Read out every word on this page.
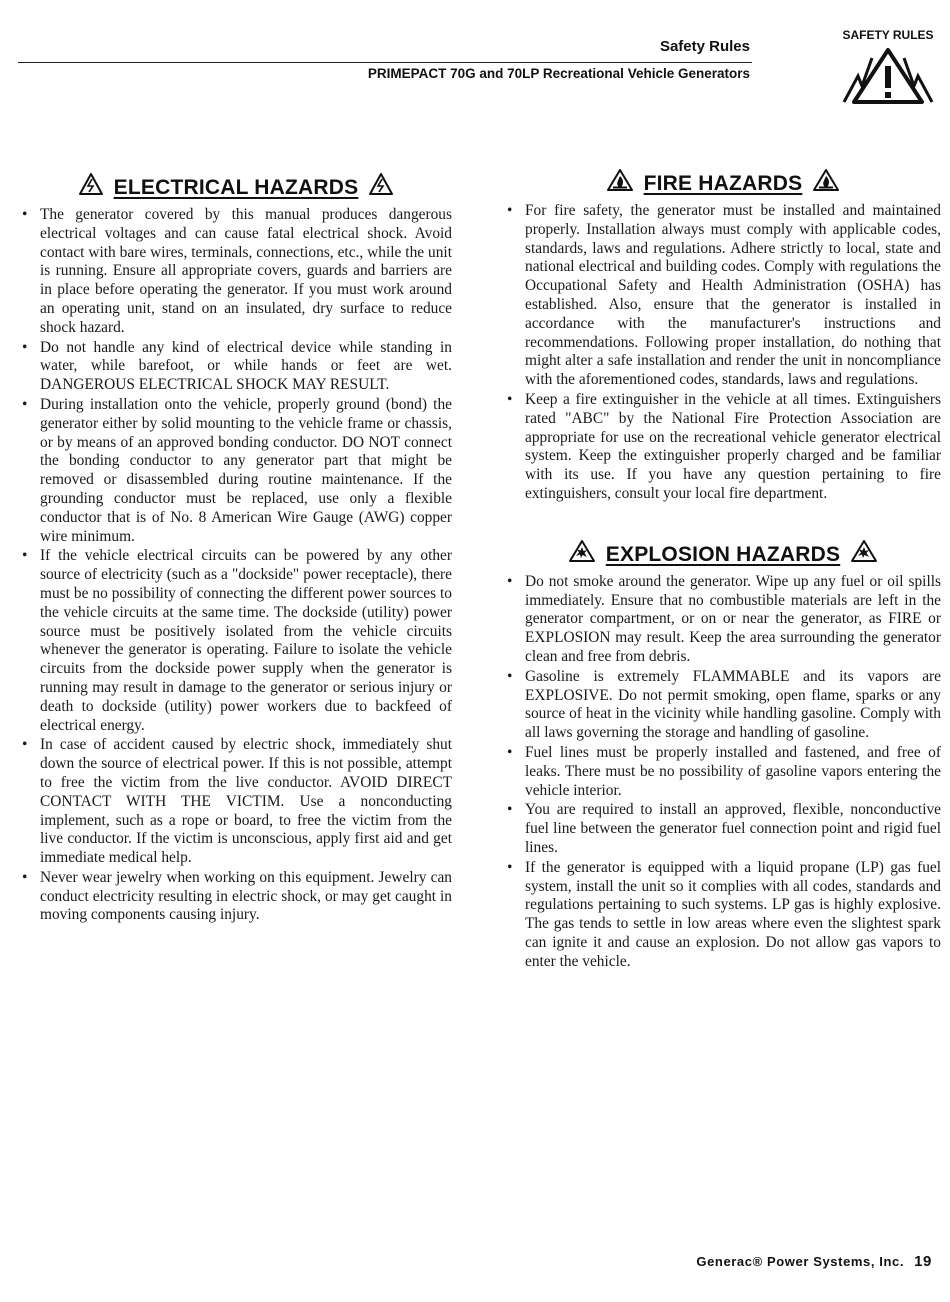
Safety Rules
PRIMEPACT 70G and 70LP Recreational Vehicle Generators
SAFETY RULES
ELECTRICAL HAZARDS
• The generator covered by this manual produces dangerous electrical voltages and can cause fatal electrical shock. Avoid contact with bare wires, terminals, connections, etc., while the unit is running. Ensure all appropriate covers, guards and barriers are in place before operating the generator. If you must work around an operating unit, stand on an insulated, dry surface to reduce shock hazard.
• Do not handle any kind of electrical device while standing in water, while barefoot, or while hands or feet are wet. DANGEROUS ELECTRICAL SHOCK MAY RESULT.
• During installation onto the vehicle, properly ground (bond) the generator either by solid mounting to the vehicle frame or chassis, or by means of an approved bonding conductor. DO NOT connect the bonding conductor to any generator part that might be removed or disassembled during routine maintenance. If the grounding conductor must be replaced, use only a flexible conductor that is of No. 8 American Wire Gauge (AWG) copper wire minimum.
• If the vehicle electrical circuits can be powered by any other source of electricity (such as a "dockside" power receptacle), there must be no possibility of connecting the different power sources to the vehicle circuits at the same time. The dockside (utility) power source must be positively isolated from the vehicle circuits whenever the generator is operating. Failure to isolate the vehicle circuits from the dockside power supply when the generator is running may result in damage to the generator or serious injury or death to dockside (utility) power workers due to backfeed of electrical energy.
• In case of accident caused by electric shock, immediately shut down the source of electrical power. If this is not possible, attempt to free the victim from the live conductor. AVOID DIRECT CONTACT WITH THE VICTIM. Use a nonconducting implement, such as a rope or board, to free the victim from the live conductor. If the victim is unconscious, apply first aid and get immediate medical help.
• Never wear jewelry when working on this equipment. Jewelry can conduct electricity resulting in electric shock, or may get caught in moving components causing injury.
FIRE HAZARDS
• For fire safety, the generator must be installed and maintained properly. Installation always must comply with applicable codes, standards, laws and regulations. Adhere strictly to local, state and national electrical and building codes. Comply with regulations the Occupational Safety and Health Administration (OSHA) has established. Also, ensure that the generator is installed in accordance with the manufacturer's instructions and recommendations. Following proper installation, do nothing that might alter a safe installation and render the unit in noncompliance with the aforementioned codes, standards, laws and regulations.
• Keep a fire extinguisher in the vehicle at all times. Extinguishers rated "ABC" by the National Fire Protection Association are appropriate for use on the recreational vehicle generator electrical system. Keep the extinguisher properly charged and be familiar with its use. If you have any question pertaining to fire extinguishers, consult your local fire department.
EXPLOSION HAZARDS
• Do not smoke around the generator. Wipe up any fuel or oil spills immediately. Ensure that no combustible materials are left in the generator compartment, or on or near the generator, as FIRE or EXPLOSION may result. Keep the area surrounding the generator clean and free from debris.
• Gasoline is extremely FLAMMABLE and its vapors are EXPLOSIVE. Do not permit smoking, open flame, sparks or any source of heat in the vicinity while handling gasoline. Comply with all laws governing the storage and handling of gasoline.
• Fuel lines must be properly installed and fastened, and free of leaks. There must be no possibility of gasoline vapors entering the vehicle interior.
• You are required to install an approved, flexible, nonconductive fuel line between the generator fuel connection point and rigid fuel lines.
• If the generator is equipped with a liquid propane (LP) gas fuel system, install the unit so it complies with all codes, standards and regulations pertaining to such systems. LP gas is highly explosive. The gas tends to settle in low areas where even the slightest spark can ignite it and cause an explosion. Do not allow gas vapors to enter the vehicle.
Generac® Power Systems, Inc. 19
